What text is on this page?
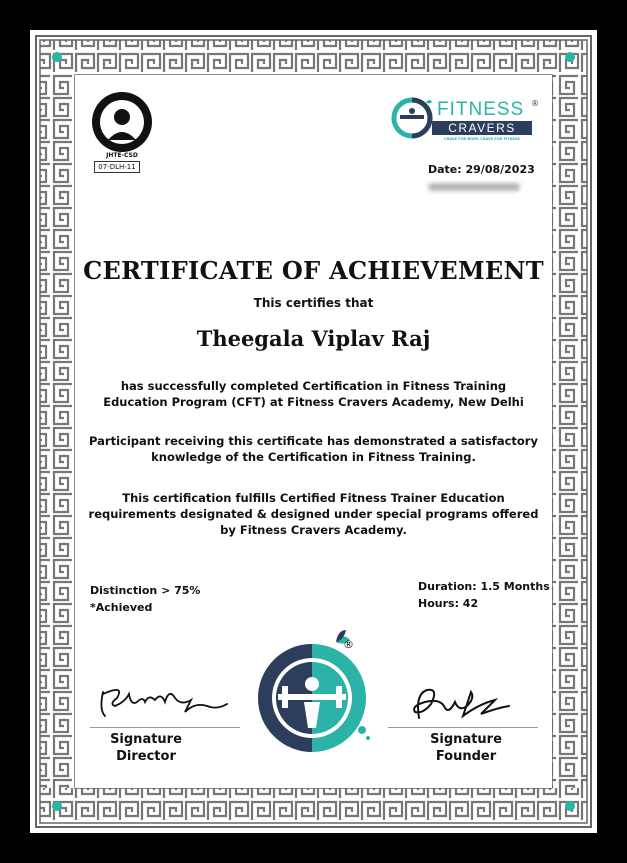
JHTE-CSD
07-DLH-11
FITNESS ®
CRAVERS
CRAVE FOR BODY, CRAVE FOR FITNESS
Date: 29/08/2023
CERTIFICATE OF ACHIEVEMENT
This certifies that
Theegala Viplav Raj
has successfully completed Certification in Fitness Training
Education Program (CFT) at Fitness Cravers Academy, New Delhi
Participant receiving this certificate has demonstrated a satisfactory
knowledge of the Certification in Fitness Training.
This certification fulfills Certified Fitness Trainer Education
requirements designated & designed under special programs offered
by Fitness Cravers Academy.
Distinction > 75%
*Achieved
Duration: 1.5 Months
Hours: 42
®
Signature
Director
Signature
Founder
